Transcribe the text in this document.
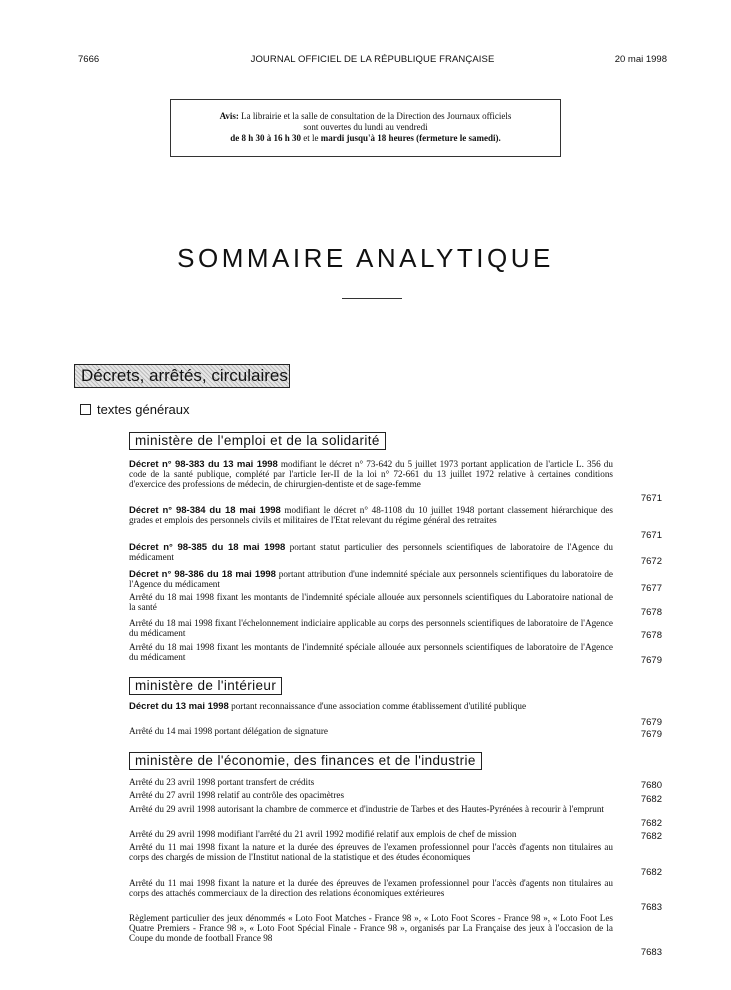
7666	JOURNAL OFFICIEL DE LA RÉPUBLIQUE FRANÇAISE	20 mai 1998
Avis: La librairie et la salle de consultation de la Direction des Journaux officiels
sont ouvertes du lundi au vendredi
de 8 h 30 à 16 h 30 et le mardi jusqu'à 18 heures (fermeture le samedi).
SOMMAIRE ANALYTIQUE
Décrets, arrêtés, circulaires
textes généraux
ministère de l'emploi et de la solidarité
Décret n° 98-383 du 13 mai 1998 modifiant le décret n° 73-642 du 5 juillet 1973 portant application de l'article L. 356 du code de la santé publique, complété par l'article Ier-II de la loi n° 72-661 du 13 juillet 1972 relative à certaines conditions d'exercice des professions de médecin, de chirurgien-dentiste et de sage-femme
7671
Décret n° 98-384 du 18 mai 1998 modifiant le décret n° 48-1108 du 10 juillet 1948 portant classement hiérarchique des grades et emplois des personnels civils et militaires de l'Etat relevant du régime général des retraites
7671
Décret n° 98-385 du 18 mai 1998 portant statut particulier des personnels scientifiques de laboratoire de l'Agence du médicament	7672
Décret n° 98-386 du 18 mai 1998 portant attribution d'une indemnité spéciale aux personnels scientifiques du laboratoire de l'Agence du médicament	7677
Arrêté du 18 mai 1998 fixant les montants de l'indemnité spéciale allouée aux personnels scientifiques du Laboratoire national de la santé
7678
Arrêté du 18 mai 1998 fixant l'échelonnement indiciaire applicable au corps des personnels scientifiques de laboratoire de l'Agence du médicament	7678
Arrêté du 18 mai 1998 fixant les montants de l'indemnité spéciale allouée aux personnels scientifiques de laboratoire de l'Agence du médicament	7679
ministère de l'intérieur
Décret du 13 mai 1998 portant reconnaissance d'une association comme établissement d'utilité publique
7679
Arrêté du 14 mai 1998 portant délégation de signature	7679
ministère de l'économie, des finances et de l'industrie
Arrêté du 23 avril 1998 portant transfert de crédits	7680
Arrêté du 27 avril 1998 relatif au contrôle des opacimètres	7682
Arrêté du 29 avril 1998 autorisant la chambre de commerce et d'industrie de Tarbes et des Hautes-Pyrénées à recourir à l'emprunt
7682
Arrêté du 29 avril 1998 modifiant l'arrêté du 21 avril 1992 modifié relatif aux emplois de chef de mission	7682
Arrêté du 11 mai 1998 fixant la nature et la durée des épreuves de l'examen professionnel pour l'accès d'agents non titulaires au corps des chargés de mission de l'Institut national de la statistique et des études économiques
7682
Arrêté du 11 mai 1998 fixant la nature et la durée des épreuves de l'examen professionnel pour l'accès d'agents non titulaires au corps des attachés commerciaux de la direction des relations économiques extérieures
7683
Règlement particulier des jeux dénommés « Loto Foot Matches - France 98 », « Loto Foot Scores - France 98 », « Loto Foot Les Quatre Premiers - France 98 », « Loto Foot Spécial Finale - France 98 », organisés par La Française des jeux à l'occasion de la Coupe du monde de football France 98
7683
